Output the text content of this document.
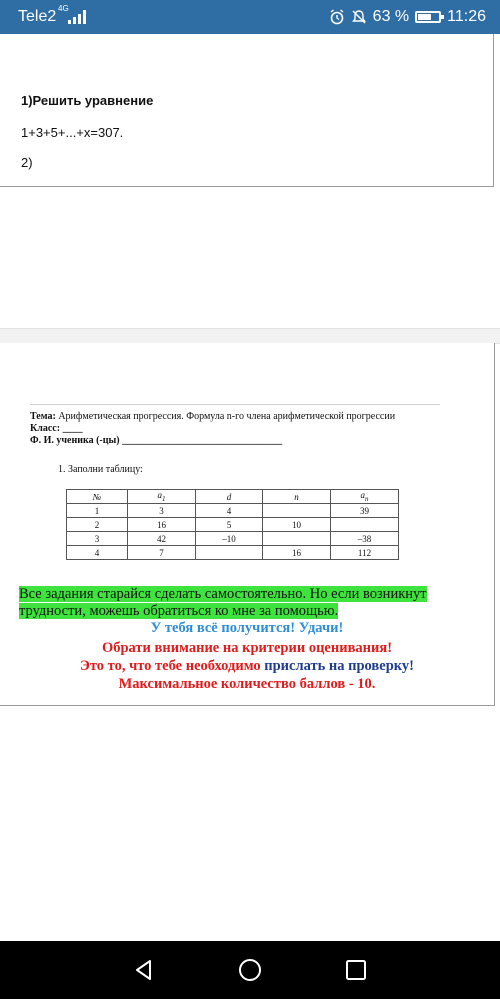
Tele2 4G	63 % 11:26
1)Решить уравнение
1+3+5+...+x=307.
2)
Тема: Арифметическая прогрессия. Формула n-го члена арифметической прогрессии
Класс: ____
Ф. И. ученика (-цы) ________________________________
1. Заполни таблицу:
№	$a_1$	d	n	$a_n$
1	3	4		39
2	16	5	10	
3	42	–10		–38
4	7		16	112
Все задания старайся сделать самостоятельно. Но если возникнут трудности, можешь обратиться ко мне за помощью.
У тебя всё получится! Удачи!
Обрати внимание на критерии оценивания!
Это то, что тебе необходимо прислать на проверку!
Максимальное количество баллов - 10.
